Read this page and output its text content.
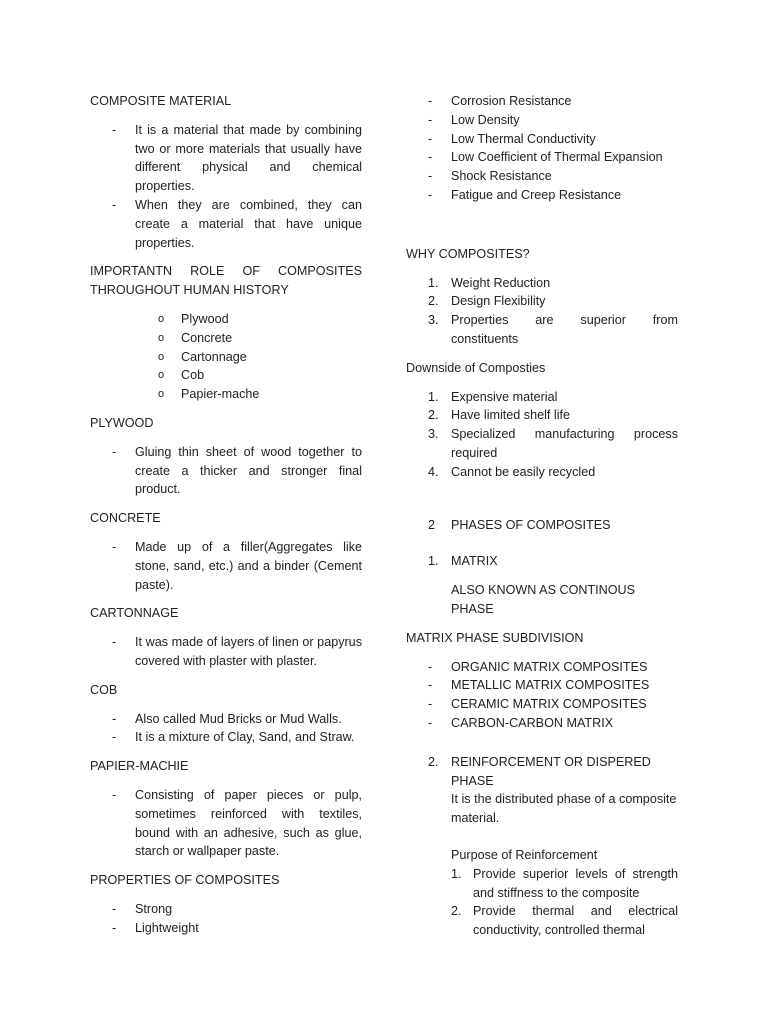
COMPOSITE MATERIAL
- It is a material that made by combining two or more materials that usually have different physical and chemical properties.
- When they are combined, they can create a material that have unique properties.
IMPORTANTN ROLE OF COMPOSITES THROUGHOUT HUMAN HISTORY
o Plywood
o Concrete
o Cartonnage
o Cob
o Papier-mache
PLYWOOD
- Gluing thin sheet of wood together to create a thicker and stronger final product.
CONCRETE
- Made up of a filler(Aggregates like stone, sand, etc.) and a binder (Cement paste).
CARTONNAGE
- It was made of layers of linen or papyrus covered with plaster with plaster.
COB
- Also called Mud Bricks or Mud Walls.
- It is a mixture of Clay, Sand, and Straw.
PAPIER-MACHIE
- Consisting of paper pieces or pulp, sometimes reinforced with textiles, bound with an adhesive, such as glue, starch or wallpaper paste.
PROPERTIES OF COMPOSITES
- Strong
- Lightweight
- Corrosion Resistance
- Low Density
- Low Thermal Conductivity
- Low Coefficient of Thermal Expansion
- Shock Resistance
- Fatigue and Creep Resistance
WHY COMPOSITES?
1. Weight Reduction
2. Design Flexibility
3. Properties are superior from constituents
Downside of Composties
1. Expensive material
2. Have limited shelf life
3. Specialized manufacturing process required
4. Cannot be easily recycled
2 PHASES OF COMPOSITES
1. MATRIX
ALSO KNOWN AS CONTINOUS PHASE
MATRIX PHASE SUBDIVISION
- ORGANIC MATRIX COMPOSITES
- METALLIC MATRIX COMPOSITES
- CERAMIC MATRIX COMPOSITES
- CARBON-CARBON MATRIX
2. REINFORCEMENT OR DISPERED PHASE
It is the distributed phase of a composite material.
Purpose of Reinforcement
1. Provide superior levels of strength and stiffness to the composite
2. Provide thermal and electrical conductivity, controlled thermal
